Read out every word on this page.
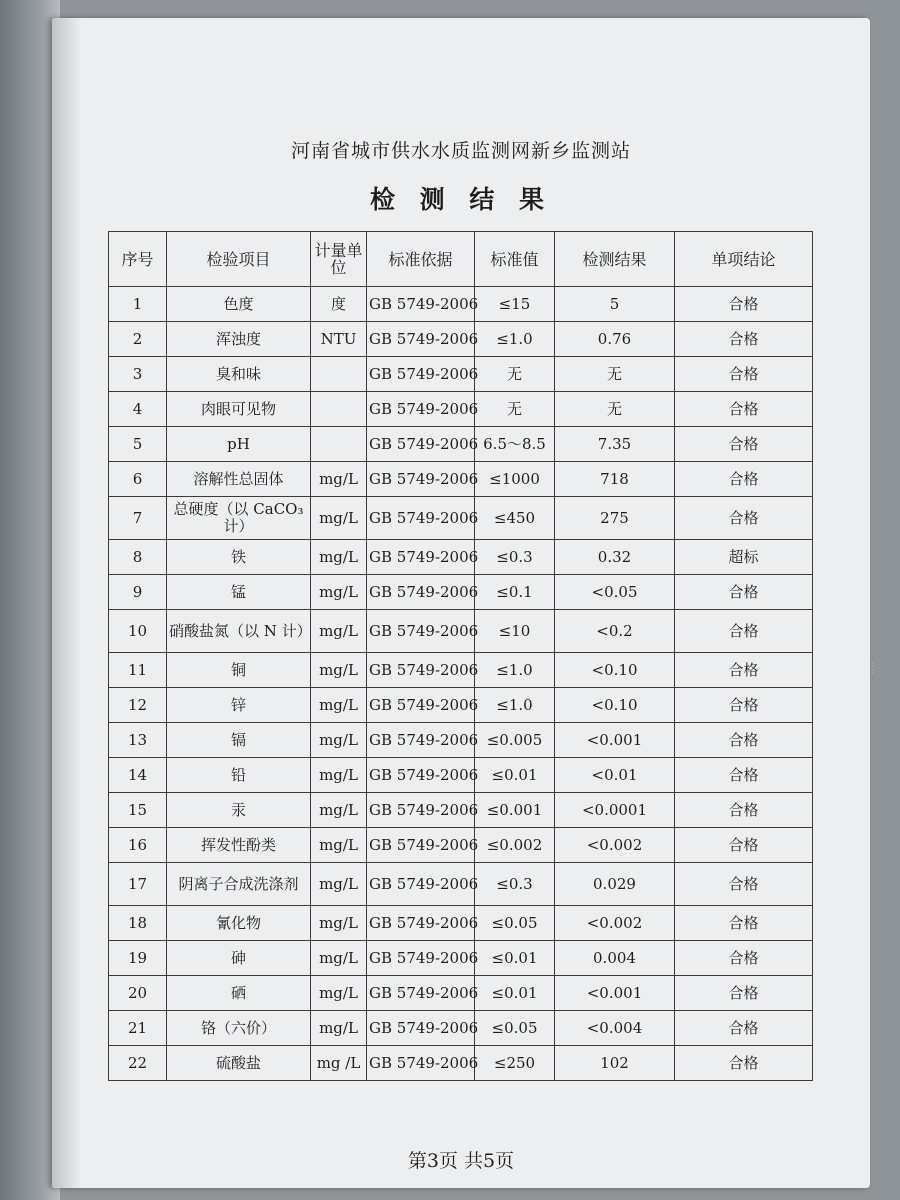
河南省城市供水水质监测网新乡监测站
检 测 结 果
序号	检验项目	计量单位	标准依据	标准值	检测结果	单项结论
1	色度	度	GB 5749-2006	≤15	5	合格
2	浑浊度	NTU	GB 5749-2006	≤1.0	0.76	合格
3	臭和味		GB 5749-2006	无	无	合格
4	肉眼可见物		GB 5749-2006	无	无	合格
5	pH		GB 5749-2006	6.5～8.5	7.35	合格
6	溶解性总固体	mg/L	GB 5749-2006	≤1000	718	合格
7	总硬度（以 CaCO₃ 计）	mg/L	GB 5749-2006	≤450	275	合格
8	铁	mg/L	GB 5749-2006	≤0.3	0.32	超标
9	锰	mg/L	GB 5749-2006	≤0.1	<0.05	合格
10	硝酸盐氮（以 N 计）	mg/L	GB 5749-2006	≤10	<0.2	合格
11	铜	mg/L	GB 5749-2006	≤1.0	<0.10	合格
12	锌	mg/L	GB 5749-2006	≤1.0	<0.10	合格
13	镉	mg/L	GB 5749-2006	≤0.005	<0.001	合格
14	铅	mg/L	GB 5749-2006	≤0.01	<0.01	合格
15	汞	mg/L	GB 5749-2006	≤0.001	<0.0001	合格
16	挥发性酚类	mg/L	GB 5749-2006	≤0.002	<0.002	合格
17	阴离子合成洗涤剂	mg/L	GB 5749-2006	≤0.3	0.029	合格
18	氰化物	mg/L	GB 5749-2006	≤0.05	<0.002	合格
19	砷	mg/L	GB 5749-2006	≤0.01	0.004	合格
20	硒	mg/L	GB 5749-2006	≤0.01	<0.001	合格
21	铬（六价）	mg/L	GB 5749-2006	≤0.05	<0.004	合格
22	硫酸盐	mg /L	GB 5749-2006	≤250	102	合格
第3页 共5页
⁞
